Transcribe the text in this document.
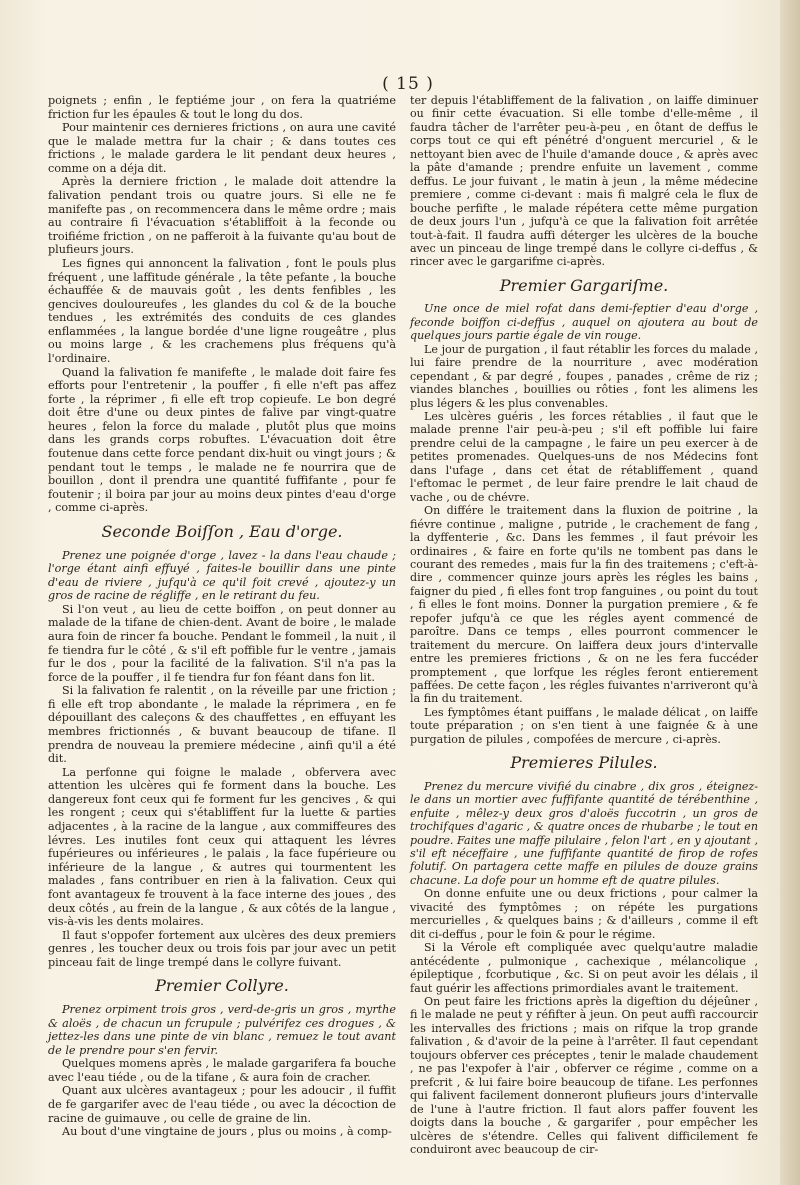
( 15 )

poignets ; enfin , le feptiéme jour , on fera la quatriéme friction fur les épaules & tout le long du dos.

Pour maintenir ces dernieres frictions , on aura une cavité que le malade mettra fur la chair ; & dans toutes ces frictions , le malade gardera le lit pendant deux heures , comme on a déja dit.

Après la derniere friction , le malade doit attendre la falivation pendant trois ou quatre jours. Si elle ne fe manifefte pas , on recommencera dans le même ordre ; mais au contraire fi l'évacuation s'établiffoit à la feconde ou troifiéme friction , on ne pafferoit à la fuivante qu'au bout de plufieurs jours.

Les fignes qui annoncent la falivation , font le pouls plus fréquent , une laffitude générale , la tête pefante , la bouche échauffée & de mauvais goût , les dents fenfibles , les gencives douloureufes , les glandes du col & de la bouche tendues , les extrémités des conduits de ces glandes enflammées , la langue bordée d'une ligne rougeâtre , plus ou moins large , & les crachemens plus fréquens qu'à l'ordinaire.

Quand la falivation fe manifefte , le malade doit faire fes efforts pour l'entretenir , la pouffer , fi elle n'eft pas affez forte , la réprimer , fi elle eft trop copieufe. Le bon degré doit être d'une ou deux pintes de falive par vingt-quatre heures , felon la force du malade , plutôt plus que moins dans les grands corps robuftes. L'évacuation doit être foutenue dans cette force pendant dix-huit ou vingt jours ; & pendant tout le temps , le malade ne fe nourrira que de bouillon , dont il prendra une quantité fuffifante , pour fe foutenir ; il boira par jour au moins deux pintes d'eau d'orge , comme ci-après.

Seconde Boiſſon , Eau d'orge.

Prenez une poignée d'orge , lavez - la dans l'eau chaude ; l'orge étant ainfi effuyé , faites-le bouillir dans une pinte d'eau de riviere , jufqu'à ce qu'il foit crevé , ajoutez-y un gros de racine de régliffe , en le retirant du feu.

Si l'on veut , au lieu de cette boiffon , on peut donner au malade de la tifane de chien-dent. Avant de boire , le malade aura foin de rincer fa bouche. Pendant le fommeil , la nuit , il fe tiendra fur le côté , & s'il eft poffible fur le ventre , jamais fur le dos , pour la facilité de la falivation. S'il n'a pas la force de la pouffer , il fe tiendra fur fon féant dans fon lit.

Si la falivation fe ralentit , on la réveille par une friction ; fi elle eft trop abondante , le malade la réprimera , en fe dépouillant des caleçons & des chauffettes , en effuyant les membres frictionnés , & buvant beaucoup de tifane. Il prendra de nouveau la premiere médecine , ainfi qu'il a été dit.

La perfonne qui foigne le malade , obfervera avec attention les ulcères qui fe forment dans la bouche. Les dangereux font ceux qui fe forment fur les gencives , & qui les rongent ; ceux qui s'établiffent fur la luette & parties adjacentes , à la racine de la langue , aux commiffeures des lévres. Les inutiles font ceux qui attaquent les lévres fupérieures ou inférieures , le palais , la face fupérieure ou inférieure de la langue , & autres qui tourmentent les malades , fans contribuer en rien à la falivation. Ceux qui font avantageux fe trouvent à la face interne des joues , des deux côtés , au frein de la langue , & aux côtés de la langue , vis-à-vis les dents molaires.

Il faut s'oppofer fortement aux ulcères des deux premiers genres , les toucher deux ou trois fois par jour avec un petit pinceau fait de linge trempé dans le collyre fuivant.

Premier Collyre.

Prenez orpiment trois gros , verd-de-gris un gros , myrthe & aloës , de chacun un fcrupule ; pulvérifez ces drogues , & jettez-les dans une pinte de vin blanc , remuez le tout avant de le prendre pour s'en fervir.

Quelques momens après , le malade gargarifera fa bouche avec l'eau tiéde , ou de la tifane , & aura foin de cracher.

Quant aux ulcères avantageux ; pour les adoucir , il fuffit de fe gargarifer avec de l'eau tiéde , ou avec la décoction de racine de guimauve , ou celle de graine de lin.

Au bout d'une vingtaine de jours , plus ou moins , à comp-

ter depuis l'établiffement de la falivation , on laiffe diminuer ou finir cette évacuation. Si elle tombe d'elle-même , il faudra tâcher de l'arrêter peu-à-peu , en ôtant de deffus le corps tout ce qui eft pénétré d'onguent mercuriel , & le nettoyant bien avec de l'huile d'amande douce , & après avec la pâte d'amande ; prendre enfuite un lavement , comme deffus. Le jour fuivant , le matin à jeun , la même médecine premiere , comme ci-devant : mais fi malgré cela le flux de bouche perfifte , le malade répétera cette même purgation de deux jours l'un , jufqu'à ce que la falivation foit arrêtée tout-à-fait. Il faudra auffi déterger les ulcères de la bouche avec un pinceau de linge trempé dans le collyre ci-deffus , & rincer avec le gargarifme ci-après.

Premier Gargariſme.

Une once de miel rofat dans demi-feptier d'eau d'orge , feconde boiffon ci-deffus , auquel on ajoutera au bout de quelques jours partie égale de vin rouge.

Le jour de purgation , il faut rétablir les forces du malade , lui faire prendre de la nourriture , avec modération cependant , & par degré , foupes , panades , crême de riz ; viandes blanches , bouillies ou rôties , font les alimens les plus légers & les plus convenables.

Les ulcères guéris , les forces rétablies , il faut que le malade prenne l'air peu-à-peu ; s'il eft poffible lui faire prendre celui de la campagne , le faire un peu exercer à de petites promenades. Quelques-uns de nos Médecins font dans l'ufage , dans cet état de rétabliffement , quand l'eftomac le permet , de leur faire prendre le lait chaud de vache , ou de chévre.

On différe le traitement dans la fluxion de poitrine , la fiévre continue , maligne , putride , le crachement de fang , la dyffenterie , &c. Dans les femmes , il faut prévoir les ordinaires , & faire en forte qu'ils ne tombent pas dans le courant des remedes , mais fur la fin des traitemens ; c'eft-à-dire , commencer quinze jours après les régles les bains , faigner du pied , fi elles font trop fanguines , ou point du tout , fi elles le font moins. Donner la purgation premiere , & fe repofer jufqu'à ce que les régles ayent commencé de paroître. Dans ce temps , elles pourront commencer le traitement du mercure. On laiffera deux jours d'intervalle entre les premieres frictions , & on ne les fera fuccéder promptement , que lorfque les régles feront entierement paffées. De cette façon , les régles fuivantes n'arriveront qu'à la fin du traitement.

Les fymptômes étant puiffans , le malade délicat , on laiffe toute préparation ; on s'en tient à une faignée & à une purgation de pilules , compofées de mercure , ci-après.

Premieres Pilules.

Prenez du mercure vivifié du cinabre , dix gros , éteignez-le dans un mortier avec fuffifante quantité de térébenthine , enfuite , mêlez-y deux gros d'aloës fuccotrin , un gros de trochifques d'agaric , & quatre onces de rhubarbe ; le tout en poudre. Faites une maffe pilulaire , felon l'art , en y ajoutant , s'il eft néceffaire , une fuffifante quantité de firop de rofes folutif. On partagera cette maffe en pilules de douze grains chacune. La dofe pour un homme eft de quatre pilules.

On donne enfuite une ou deux frictions , pour calmer la vivacité des fymptômes ; on répéte les purgations mercurielles , & quelques bains ; & d'ailleurs , comme il eft dit ci-deffus , pour le foin & pour le régime.

Si la Vérole eft compliquée avec quelqu'autre maladie antécédente , pulmonique , cachexique , mélancolique , épileptique , fcorbutique , &c. Si on peut avoir les délais , il faut guérir les affections primordiales avant le traitement.

On peut faire les frictions après la digeftion du déjeûner , fi le malade ne peut y réfifter à jeun. On peut auffi raccourcir les intervalles des frictions ; mais on rifque la trop grande falivation , & d'avoir de la peine à l'arrêter. Il faut cependant toujours obferver ces préceptes , tenir le malade chaudement , ne pas l'expofer à l'air , obferver ce régime , comme on a prefcrit , & lui faire boire beaucoup de tifane. Les perfonnes qui falivent facilement donneront plufieurs jours d'intervalle de l'une à l'autre friction. Il faut alors paffer fouvent les doigts dans la bouche , & gargarifer , pour empêcher les ulcères de s'étendre. Celles qui falivent difficilement fe conduiront avec beaucoup de cir-
